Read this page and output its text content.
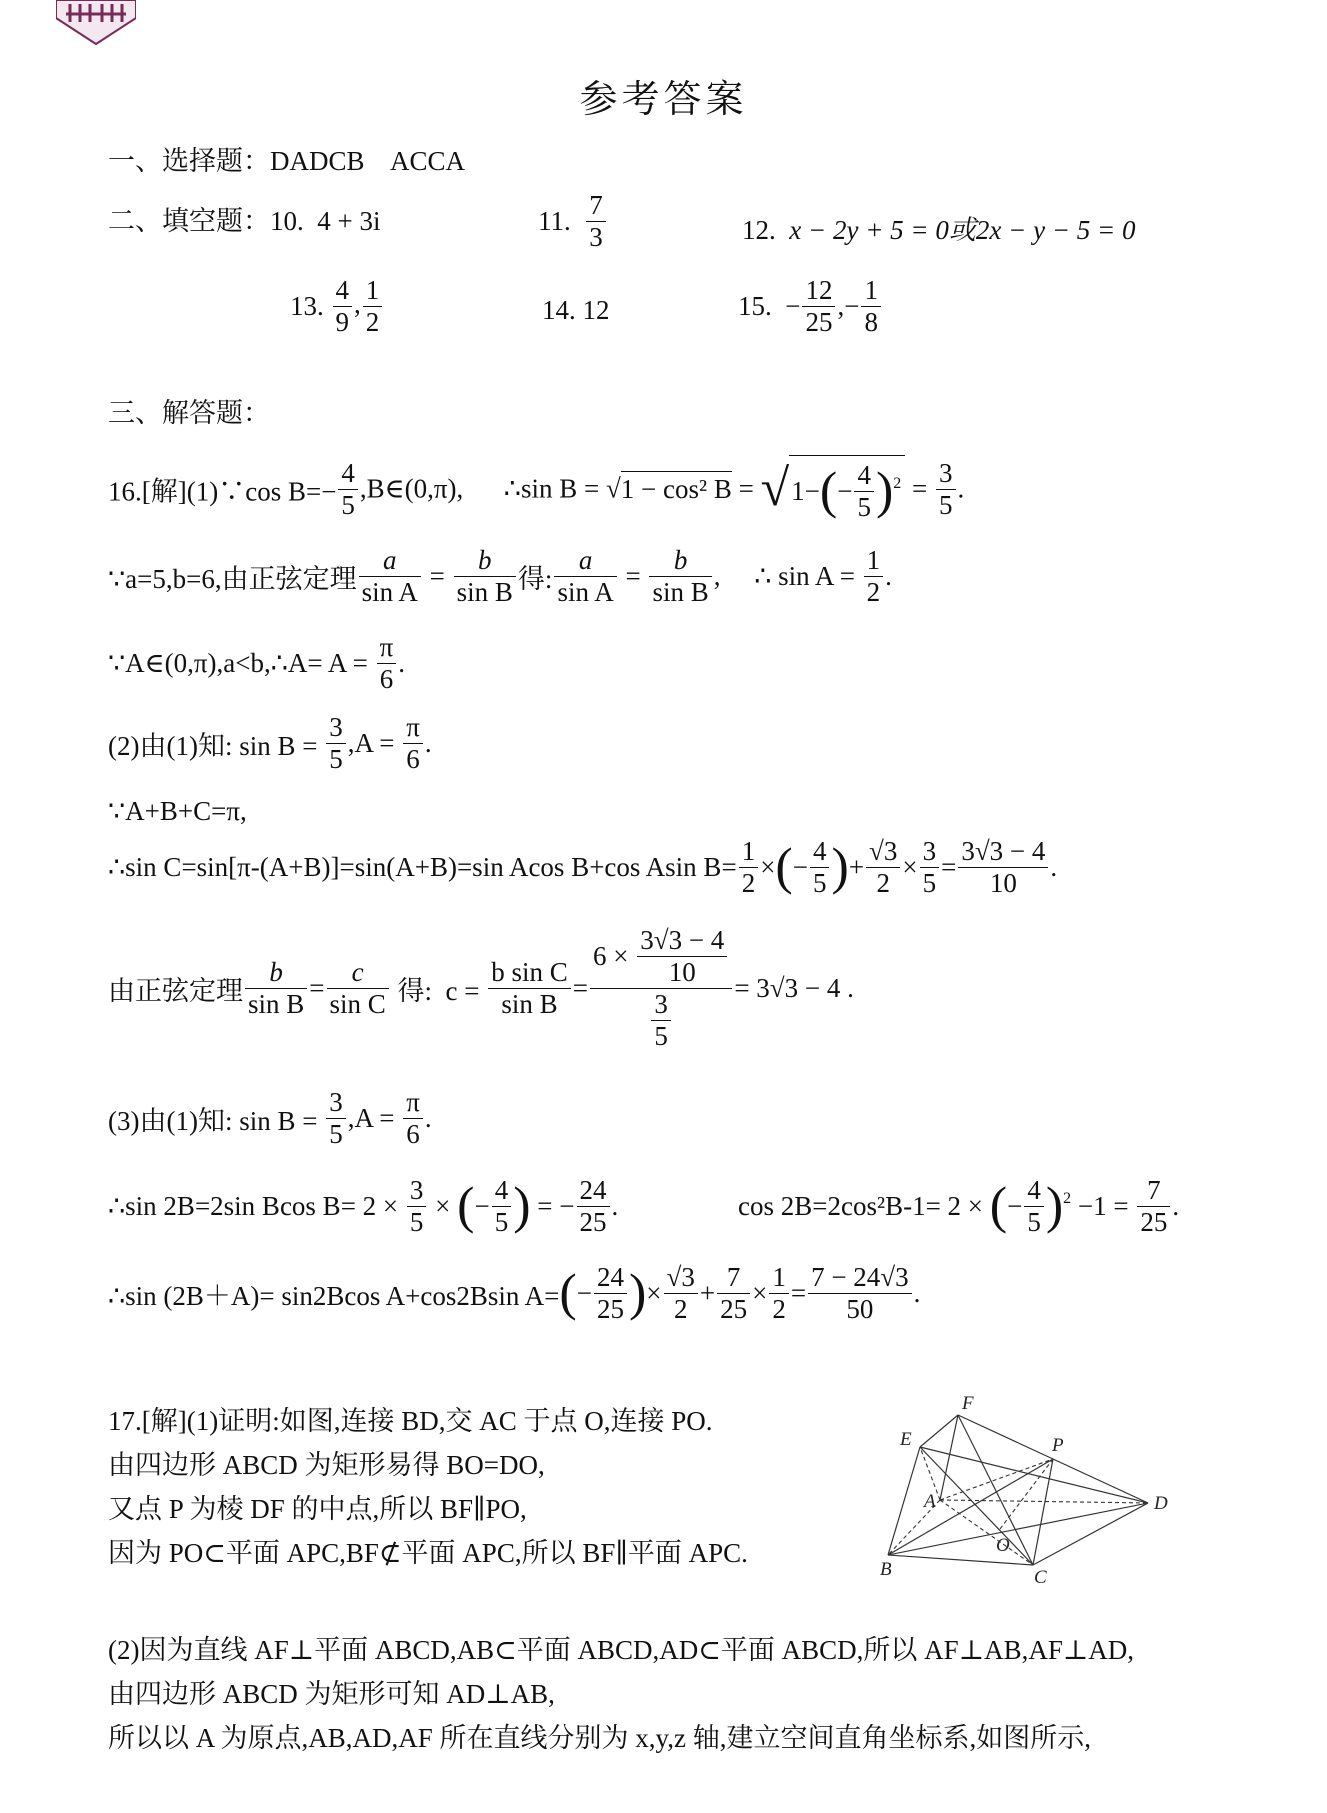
参考答案
一、选择题：DADCB    ACCA
二、填空题：10. 4 + 3i	11. $\frac{7}{3}$	12. x − 2y + 5 = 0或2x − y − 5 = 0
13. $\frac{4}{9}$ , $\frac{1}{2}$	14. 12	15. − $\frac{12}{25}$ ,− $\frac{1}{8}$
三、解答题：
16.[解](1)∵cos $B=- \frac{4}{5}$ ,B∈(0,π),      ∴sin B = √1 − cos² $B = √1-(- \frac{4}{5} )^2 = \frac{3}{5}$ .
∵a=5,b=6,由正弦定理 $\frac{a}{\text{sin A}} = \frac{b}{\text{sin B}}$ 得: $\frac{a}{\text{sin A}} = \frac{b}{\text{sin B}}$ ,     ∴ $\sin A = \frac{1}{2}$ .
∵A∈(0,π),a<b,∴A= $A = \frac{\pi}{6}$ .
(2)由(1)知: $\sin B = \frac{3}{5} ,A = \frac{\pi}{6}$ .
∵A+B+C=π,
∴sin C=sin[π-(A+B)]=sin(A+B)=sin Acos B+cos Asin $B= \frac{1}{2}$ ×(− $\frac{4}{5}$ )+ $\frac{√3}{2} \times \frac{3}{5} = \frac{3√3 - 4}{10}$ .
由正弦定理 $\frac{b}{\text{sin B}} = \frac{c}{\text{sin C}}$ 得:  $c = \frac{\text{b sin C}}{\text{sin B}} = \frac{6 \times \frac{3√3 - 4}{10}}{\frac{3}{5}} = 3√3 - 4$ .
(3)由(1)知: $\sin B = \frac{3}{5} ,A = \frac{\pi}{6}$ .
∴sin 2B=2sin Bcos $B= 2 \times \frac{3}{5}$ × (− $\frac{4}{5}$ ) = − $\frac{24}{25}$ .	cos 2B=2cos²B-1= 2 × (− $\frac{4}{5} )^2 -1 = \frac{7}{25}$ .
∴sin (2B＋A)= sin2Bcos A+cos2Bsin $A=(- \frac{24}{25}$ )× $\frac{√3}{2} + \frac{7}{25} \times \frac{1}{2} = \frac{7 - 24√3}{50}$ .
17.[解](1)证明:如图,连接 BD,交 AC 于点 O,连接 PO.
由四边形 ABCD 为矩形易得 BO=DO,
又点 P 为棱 DF 的中点,所以 BF∥PO,
因为 PO⊂平面 APC,BF⊄平面 APC,所以 BF∥平面 APC.
F
E	P
A	D
O
B	C
(2)因为直线 AF⊥平面 ABCD,AB⊂平面 ABCD,AD⊂平面 ABCD,所以 AF⊥AB,AF⊥AD,
由四边形 ABCD 为矩形可知 AD⊥AB,
所以以 A 为原点,AB,AD,AF 所在直线分别为 x,y,z 轴,建立空间直角坐标系,如图所示,
